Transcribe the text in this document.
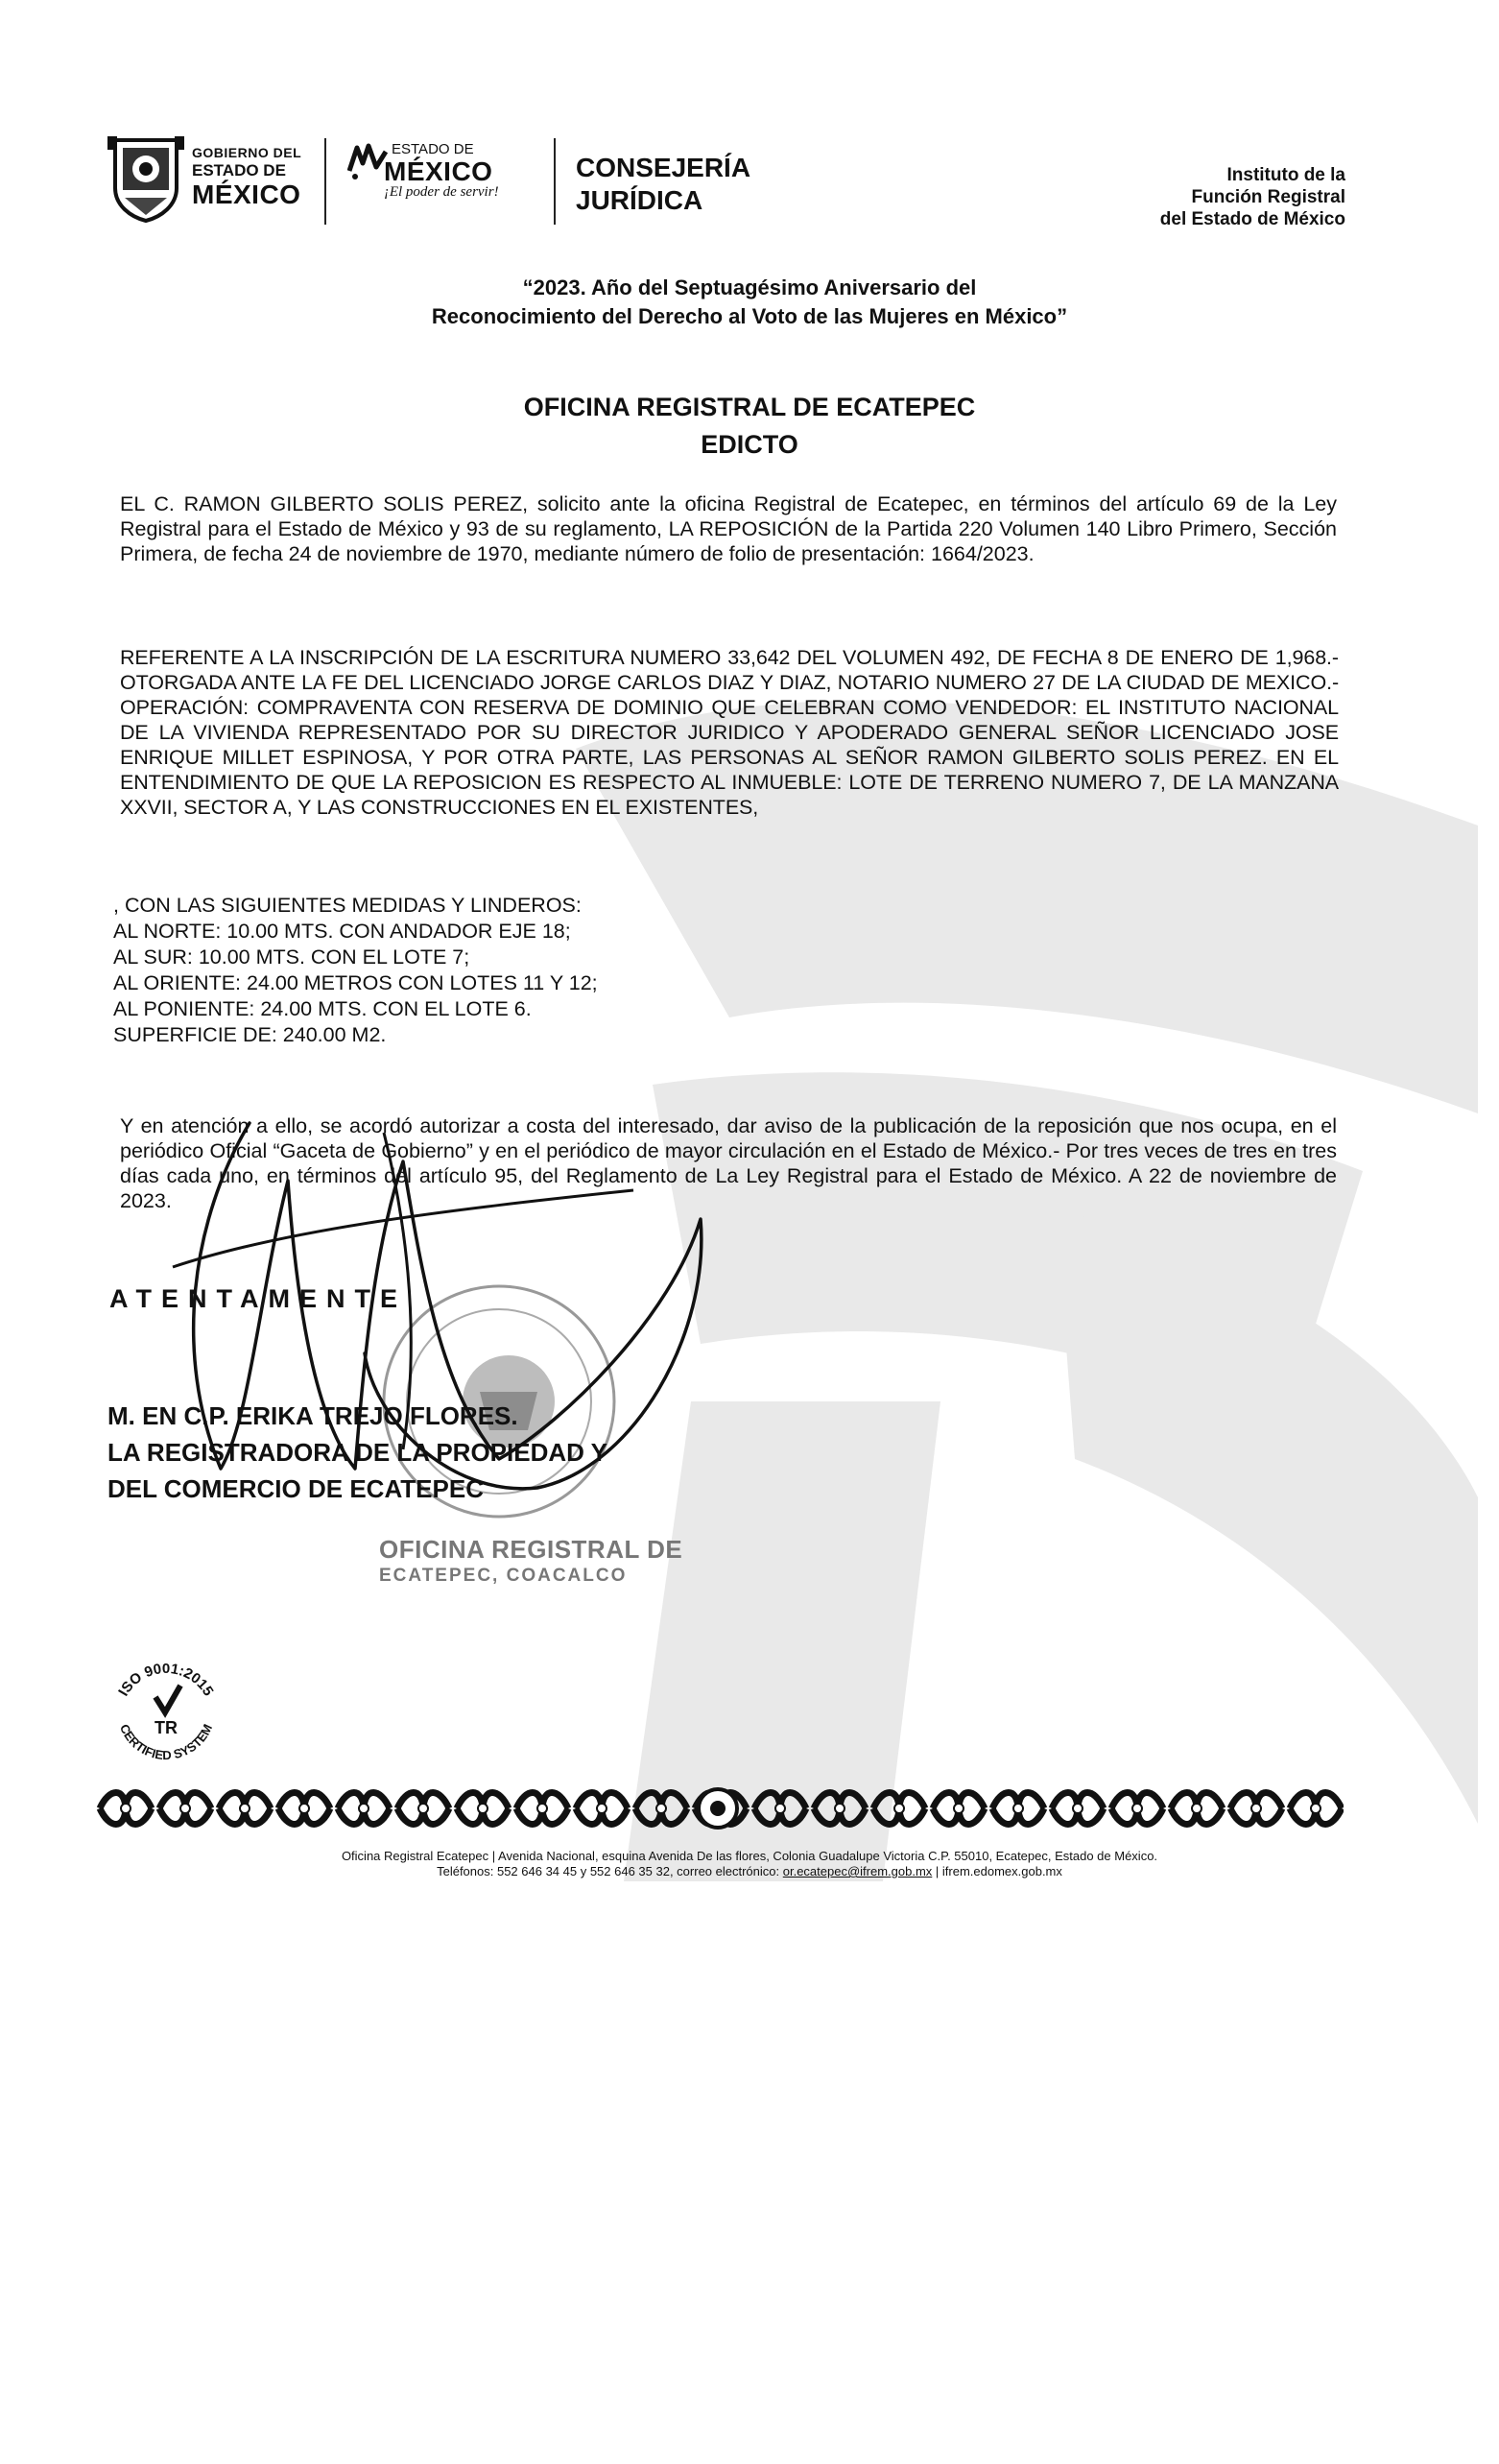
GOBIERNO DEL
ESTADO DE
MÉXICO
ESTADO DE
MÉXICO
¡El poder de servir!
CONSEJERÍA
JURÍDICA
Instituto de la
Función Registral
del Estado de México
“2023. Año del Septuagésimo Aniversario del
Reconocimiento del Derecho al Voto de las Mujeres en México”
OFICINA REGISTRAL DE ECATEPEC
EDICTO
EL C. RAMON GILBERTO SOLIS PEREZ, solicito ante la oficina Registral de Ecatepec, en términos del artículo 69 de la Ley Registral para el Estado de México y 93 de su reglamento, LA REPOSICIÓN de la Partida 220 Volumen 140 Libro Primero, Sección Primera, de fecha 24 de noviembre de 1970, mediante número de folio de presentación: 1664/2023.
REFERENTE A LA INSCRIPCIÓN DE LA ESCRITURA NUMERO 33,642 DEL VOLUMEN 492, DE FECHA 8 DE ENERO DE 1,968.- OTORGADA ANTE LA FE DEL LICENCIADO JORGE CARLOS DIAZ Y DIAZ, NOTARIO NUMERO 27 DE LA CIUDAD DE MEXICO.- OPERACIÓN: COMPRAVENTA CON RESERVA DE DOMINIO QUE CELEBRAN COMO VENDEDOR: EL INSTITUTO NACIONAL DE LA VIVIENDA REPRESENTADO POR SU DIRECTOR JURIDICO Y APODERADO GENERAL SEÑOR LICENCIADO JOSE ENRIQUE MILLET ESPINOSA, Y POR OTRA PARTE, LAS PERSONAS AL SEÑOR RAMON GILBERTO SOLIS PEREZ. EN EL ENTENDIMIENTO DE QUE LA REPOSICION ES RESPECTO AL INMUEBLE: LOTE DE TERRENO NUMERO 7, DE LA MANZANA XXVII, SECTOR A, Y LAS CONSTRUCCIONES EN EL EXISTENTES,
, CON LAS SIGUIENTES MEDIDAS Y LINDEROS:
AL NORTE: 10.00 MTS. CON ANDADOR EJE 18;
AL SUR: 10.00 MTS. CON EL LOTE 7;
AL ORIENTE: 24.00 METROS CON LOTES 11 Y 12;
AL PONIENTE: 24.00 MTS. CON EL LOTE 6.
SUPERFICIE DE: 240.00 M2.
Y en atención a ello, se acordó autorizar a costa del interesado, dar aviso de la publicación de la reposición que nos ocupa, en el periódico Oficial “Gaceta de Gobierno” y en el periódico de mayor circulación en el Estado de México.- Por tres veces de tres en tres días cada uno, en términos del artículo 95, del Reglamento de La Ley Registral para el Estado de México. A 22 de noviembre de 2023.
ATENTAMENTE
M. EN C.P. ERIKA TREJO FLORES.
LA REGISTRADORA DE LA PROPIEDAD Y
DEL COMERCIO DE ECATEPEC
OFICINA REGISTRAL DE
ECATEPEC, COACALCO
ISO 9001:2015
CERTIFIED SYSTEM
TR
Oficina Registral Ecatepec | Avenida Nacional, esquina Avenida De las flores, Colonia Guadalupe Victoria C.P. 55010, Ecatepec, Estado de México.
Teléfonos: 552 646 34 45 y 552 646 35 32, correo electrónico: or.ecatepec@ifrem.gob.mx | ifrem.edomex.gob.mx
